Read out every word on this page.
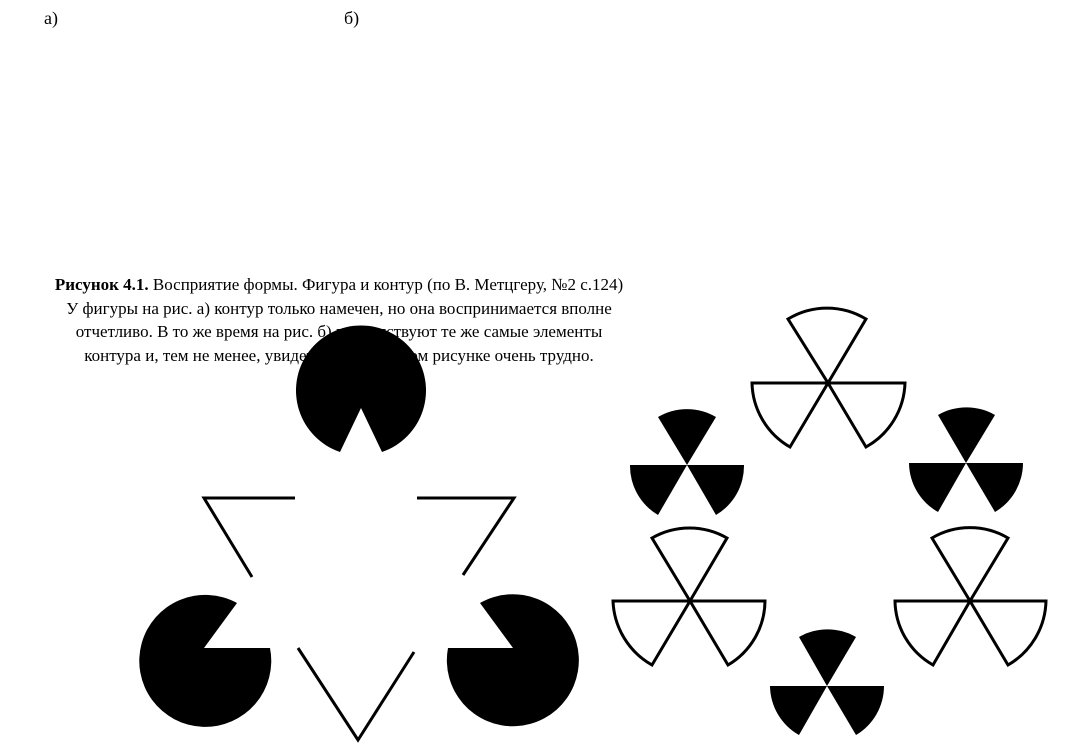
а)	б)
Рисунок 4.1. Восприятие формы. Фигура и контур (по В. Метцгеру, №2 с.124)
У фигуры на рис. а) контур только намечен, но она воспринимается вполне
отчетливо. В то же время на рис. б) присутствуют те же самые элементы
контура и, тем не менее, увидеть фигуру в этом рисунке очень трудно.
